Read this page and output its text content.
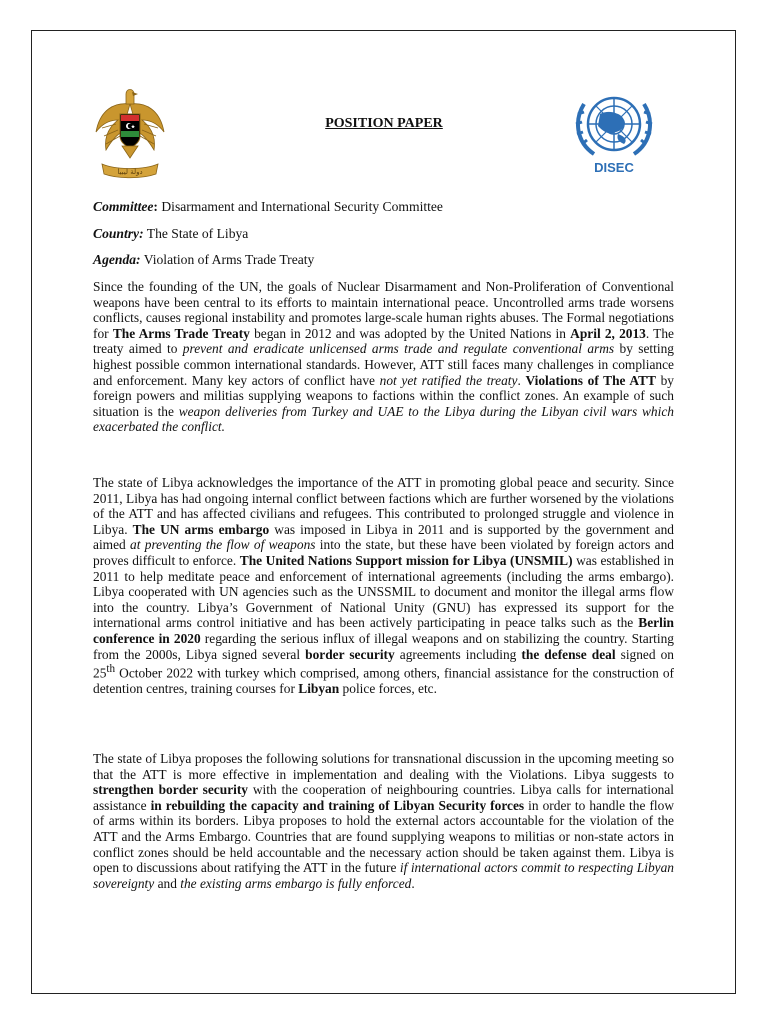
دولة ليبيا	DISEC
POSITION PAPER
Committee: Disarmament and International Security Committee
Country: The State of Libya
Agenda: Violation of Arms Trade Treaty

Since the founding of the UN, the goals of Nuclear Disarmament and Non-Proliferation of Conventional weapons have been central to its efforts to maintain international peace. Uncontrolled arms trade worsens conflicts, causes regional instability and promotes large-scale human rights abuses. The Formal negotiations for The Arms Trade Treaty began in 2012 and was adopted by the United Nations in April 2, 2013. The treaty aimed to prevent and eradicate unlicensed arms trade and regulate conventional arms by setting highest possible common international standards. However, ATT still faces many challenges in compliance and enforcement. Many key actors of conflict have not yet ratified the treaty. Violations of The ATT by foreign powers and militias supplying weapons to factions within the conflict zones. An example of such situation is the weapon deliveries from Turkey and UAE to the Libya during the Libyan civil wars which exacerbated the conflict.

The state of Libya acknowledges the importance of the ATT in promoting global peace and security. Since 2011, Libya has had ongoing internal conflict between factions which are further worsened by the violations of the ATT and has affected civilians and refugees. This contributed to prolonged struggle and violence in Libya. The UN arms embargo was imposed in Libya in 2011 and is supported by the government and aimed at preventing the flow of weapons into the state, but these have been violated by foreign actors and proves difficult to enforce. The United Nations Support mission for Libya (UNSMIL) was established in 2011 to help meditate peace and enforcement of international agreements (including the arms embargo). Libya cooperated with UN agencies such as the UNSSMIL to document and monitor the illegal arms flow into the country. Libya’s Government of National Unity (GNU) has expressed its support for the international arms control initiative and has been actively participating in peace talks such as the Berlin conference in 2020 regarding the serious influx of illegal weapons and on stabilizing the country. Starting from the 2000s, Libya signed several border security agreements including the defense deal signed on 25th October 2022 with turkey which comprised, among others, financial assistance for the construction of detention centres, training courses for Libyan police forces, etc.

The state of Libya proposes the following solutions for transnational discussion in the upcoming meeting so that the ATT is more effective in implementation and dealing with the Violations. Libya suggests to strengthen border security with the cooperation of neighbouring countries. Libya calls for international assistance in rebuilding the capacity and training of Libyan Security forces in order to handle the flow of arms within its borders. Libya proposes to hold the external actors accountable for the violation of the ATT and the Arms Embargo. Countries that are found supplying weapons to militias or non-state actors in conflict zones should be held accountable and the necessary action should be taken against them. Libya is open to discussions about ratifying the ATT in the future if international actors commit to respecting Libyan sovereignty and the existing arms embargo is fully enforced.
